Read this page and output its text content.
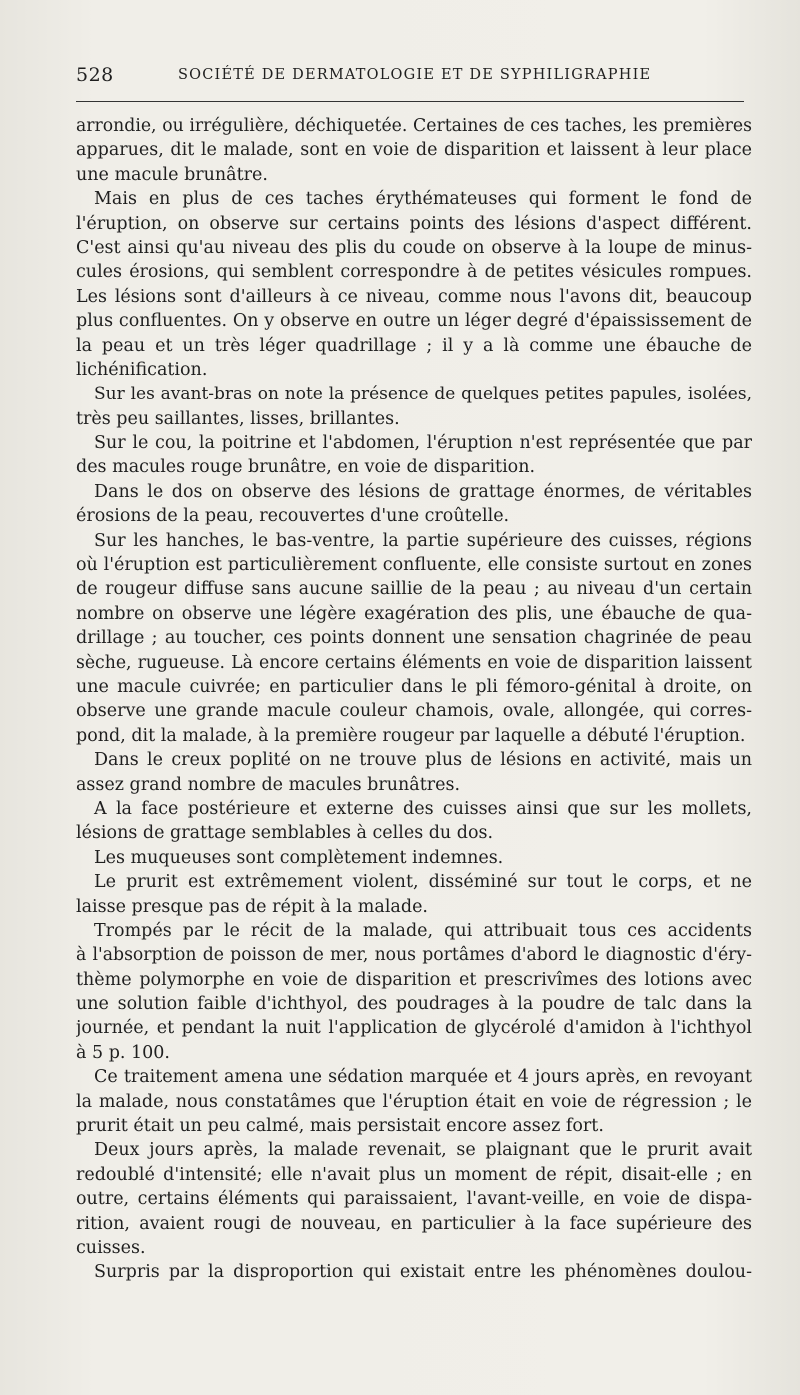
528	SOCIÉTÉ DE DERMATOLOGIE ET DE SYPHILIGRAPHIE
arrondie, ou irrégulière, déchiquetée. Certaines de ces taches, les premières
apparues, dit le malade, sont en voie de disparition et laissent à leur place
une macule brunâtre.
Mais en plus de ces taches érythémateuses qui forment le fond de
l'éruption, on observe sur certains points des lésions d'aspect différent.
C'est ainsi qu'au niveau des plis du coude on observe à la loupe de minus-
cules érosions, qui semblent correspondre à de petites vésicules rompues.
Les lésions sont d'ailleurs à ce niveau, comme nous l'avons dit, beaucoup
plus confluentes. On y observe en outre un léger degré d'épaississement de
la peau et un très léger quadrillage ; il y a là comme une ébauche de
lichénification.
Sur les avant-bras on note la présence de quelques petites papules, isolées,
très peu saillantes, lisses, brillantes.
Sur le cou, la poitrine et l'abdomen, l'éruption n'est représentée que par
des macules rouge brunâtre, en voie de disparition.
Dans le dos on observe des lésions de grattage énormes, de véritables
érosions de la peau, recouvertes d'une croûtelle.
Sur les hanches, le bas-ventre, la partie supérieure des cuisses, régions
où l'éruption est particulièrement confluente, elle consiste surtout en zones
de rougeur diffuse sans aucune saillie de la peau ; au niveau d'un certain
nombre on observe une légère exagération des plis, une ébauche de qua-
drillage ; au toucher, ces points donnent une sensation chagrinée de peau
sèche, rugueuse. Là encore certains éléments en voie de disparition laissent
une macule cuivrée; en particulier dans le pli fémoro-génital à droite, on
observe une grande macule couleur chamois, ovale, allongée, qui corres-
pond, dit la malade, à la première rougeur par laquelle a débuté l'éruption.
Dans le creux poplité on ne trouve plus de lésions en activité, mais un
assez grand nombre de macules brunâtres.
A la face postérieure et externe des cuisses ainsi que sur les mollets,
lésions de grattage semblables à celles du dos.
Les muqueuses sont complètement indemnes.
Le prurit est extrêmement violent, disséminé sur tout le corps, et ne
laisse presque pas de répit à la malade.
Trompés par le récit de la malade, qui attribuait tous ces accidents
à l'absorption de poisson de mer, nous portâmes d'abord le diagnostic d'éry-
thème polymorphe en voie de disparition et prescrivîmes des lotions avec
une solution faible d'ichthyol, des poudrages à la poudre de talc dans la
journée, et pendant la nuit l'application de glycérolé d'amidon à l'ichthyol
à 5 p. 100.
Ce traitement amena une sédation marquée et 4 jours après, en revoyant
la malade, nous constatâmes que l'éruption était en voie de régression ; le
prurit était un peu calmé, mais persistait encore assez fort.
Deux jours après, la malade revenait, se plaignant que le prurit avait
redoublé d'intensité; elle n'avait plus un moment de répit, disait-elle ; en
outre, certains éléments qui paraissaient, l'avant-veille, en voie de dispa-
rition, avaient rougi de nouveau, en particulier à la face supérieure des
cuisses.
Surpris par la disproportion qui existait entre les phénomènes doulou-
